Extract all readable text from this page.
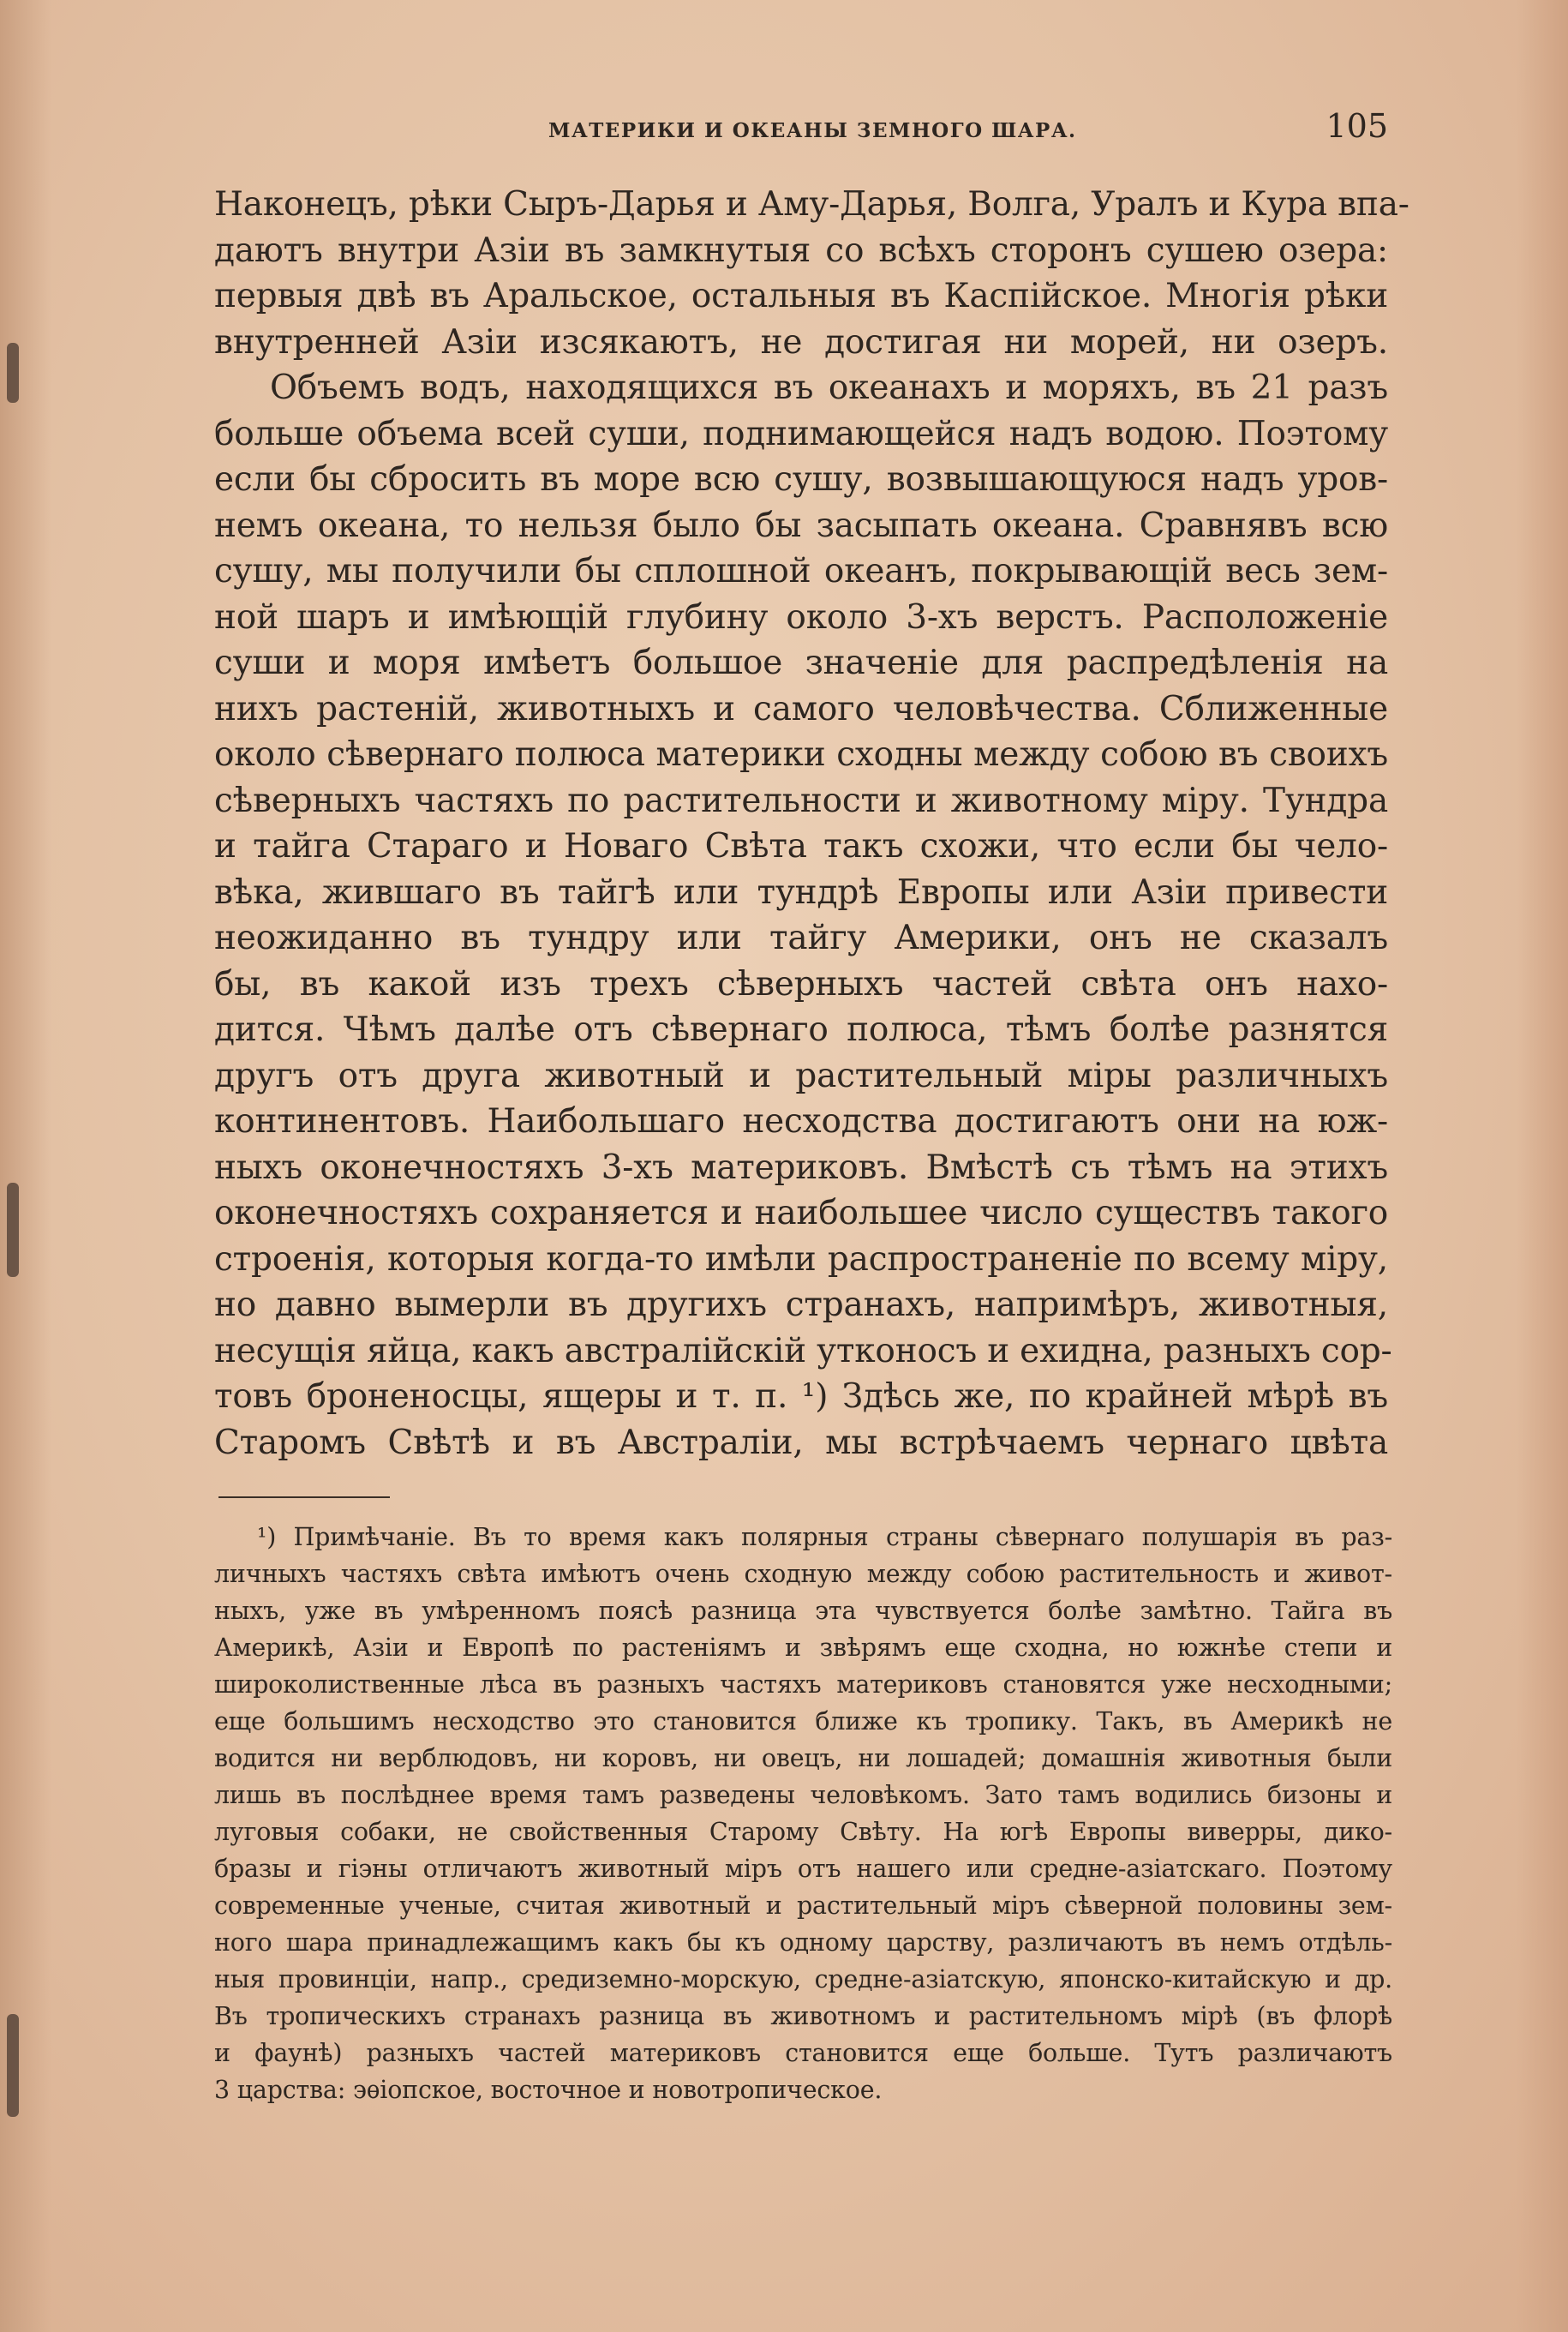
МАТЕРИКИ И ОКЕАНЫ ЗЕМНОГО ШАРА.	105
Наконецъ, рѣки Сыръ-Дарья и Аму-Дарья, Волга, Уралъ и Кура впа-
даютъ внутри Азіи въ замкнутыя со всѣхъ сторонъ сушею озера:
первыя двѣ въ Аральское, остальныя въ Каспійское. Многія рѣки
внутренней Азіи изсякаютъ, не достигая ни морей, ни озеръ.
Объемъ водъ, находящихся въ океанахъ и моряхъ, въ 21 разъ
больше объема всей суши, поднимающейся надъ водою. Поэтому
если бы сбросить въ море всю сушу, возвышающуюся надъ уров-
немъ океана, то нельзя было бы засыпать океана. Сравнявъ всю
сушу, мы получили бы сплошной океанъ, покрывающій весь зем-
ной шаръ и имѣющій глубину около 3-хъ верстъ. Расположеніе
суши и моря имѣетъ большое значеніе для распредѣленія на
нихъ растеній, животныхъ и самого человѣчества. Сближенные
около сѣвернаго полюса материки сходны между собою въ своихъ
сѣверныхъ частяхъ по растительности и животному міру. Тундра
и тайга Стараго и Новаго Свѣта такъ схожи, что если бы чело-
вѣка, жившаго въ тайгѣ или тундрѣ Европы или Азіи привести
неожиданно въ тундру или тайгу Америки, онъ не сказалъ
бы, въ какой изъ трехъ сѣверныхъ частей свѣта онъ нахо-
дится. Чѣмъ далѣе отъ сѣвернаго полюса, тѣмъ болѣе разнятся
другъ отъ друга животный и растительный міры различныхъ
континентовъ. Наибольшаго несходства достигаютъ они на юж-
ныхъ оконечностяхъ 3-хъ материковъ. Вмѣстѣ съ тѣмъ на этихъ
оконечностяхъ сохраняется и наибольшее число существъ такого
строенія, которыя когда-то имѣли распространеніе по всему міру,
но давно вымерли въ другихъ странахъ, напримѣръ, животныя,
несущія яйца, какъ австралійскій утконосъ и ехидна, разныхъ сор-
товъ броненосцы, ящеры и т. п. ¹) Здѣсь же, по крайней мѣрѣ въ
Старомъ Свѣтѣ и въ Австраліи, мы встрѣчаемъ чернаго цвѣта
¹) Примѣчаніе. Въ то время какъ полярныя страны сѣвернаго полушарія въ раз-
личныхъ частяхъ свѣта имѣютъ очень сходную между собою растительность и живот-
ныхъ, уже въ умѣренномъ поясѣ разница эта чувствуется болѣе замѣтно. Тайга въ
Америкѣ, Азіи и Европѣ по растеніямъ и звѣрямъ еще сходна, но южнѣе степи и
широколиственные лѣса въ разныхъ частяхъ материковъ становятся уже несходными;
еще большимъ несходство это становится ближе къ тропику. Такъ, въ Америкѣ не
водится ни верблюдовъ, ни коровъ, ни овецъ, ни лошадей; домашнія животныя были
лишь въ послѣднее время тамъ разведены человѣкомъ. Зато тамъ водились бизоны и
луговыя собаки, не свойственныя Старому Свѣту. На югѣ Европы виверры, дико-
бразы и гіэны отличаютъ животный міръ отъ нашего или средне-азіатскаго. Поэтому
современные ученые, считая животный и растительный міръ сѣверной половины зем-
ного шара принадлежащимъ какъ бы къ одному царству, различаютъ въ немъ отдѣль-
ныя провинціи, напр., средиземно-морскую, средне-азіатскую, японско-китайскую и др.
Въ тропическихъ странахъ разница въ животномъ и растительномъ мірѣ (въ флорѣ
и фаунѣ) разныхъ частей материковъ становится еще больше. Тутъ различаютъ
3 царства: эѳіопское, восточное и новотропическое.
